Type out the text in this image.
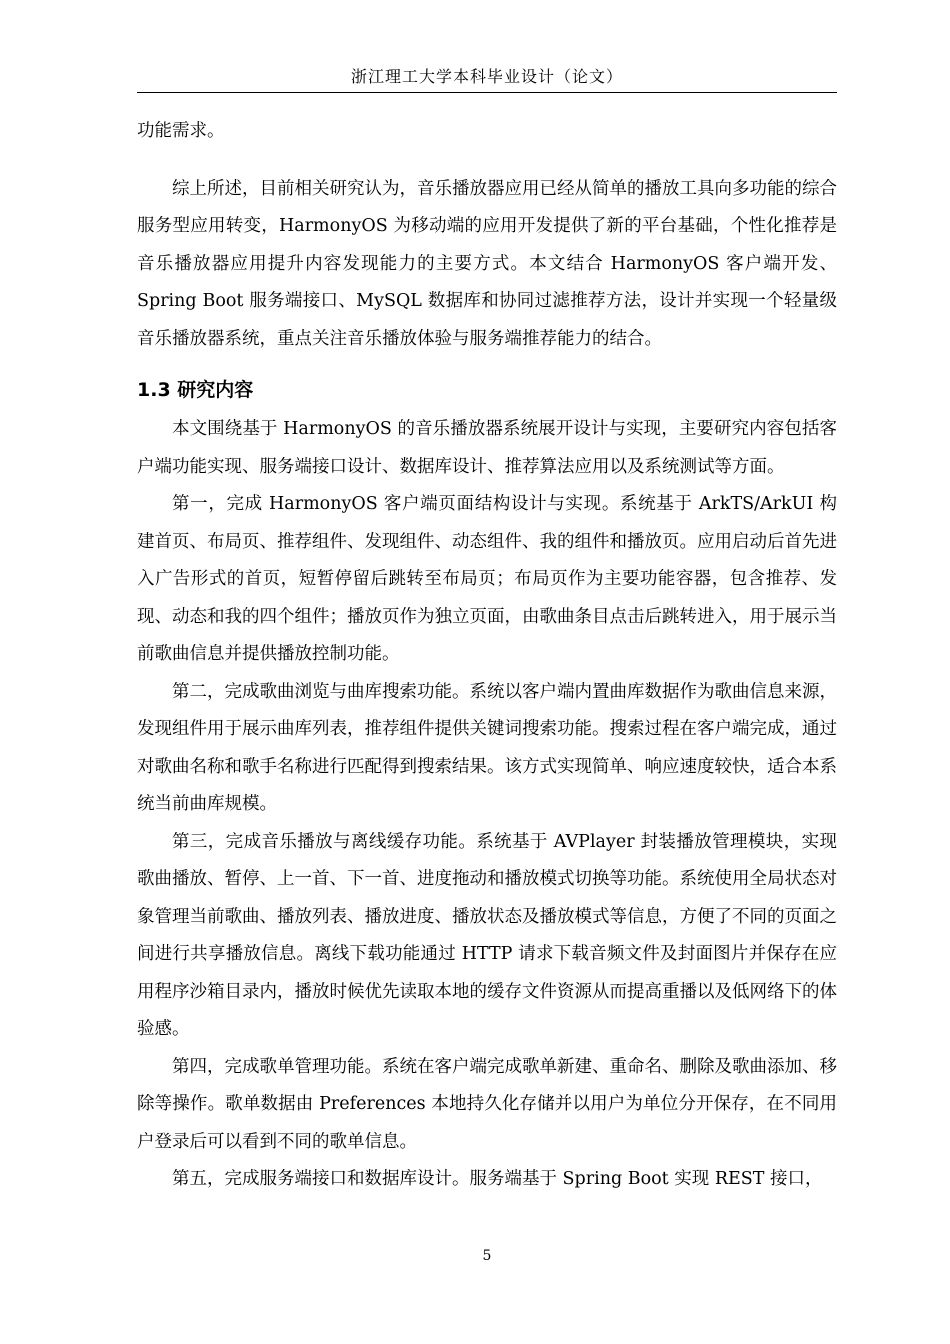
浙江理工大学本科毕业设计（论文）

功能需求。

综上所述，目前相关研究认为，音乐播放器应用已经从简单的播放工具向多功能的综合服务型应用转变，HarmonyOS 为移动端的应用开发提供了新的平台基础，个性化推荐是音乐播放器应用提升内容发现能力的主要方式。本文结合 HarmonyOS 客户端开发、Spring Boot 服务端接口、MySQL 数据库和协同过滤推荐方法，设计并实现一个轻量级音乐播放器系统，重点关注音乐播放体验与服务端推荐能力的结合。

1.3 研究内容

本文围绕基于 HarmonyOS 的音乐播放器系统展开设计与实现，主要研究内容包括客户端功能实现、服务端接口设计、数据库设计、推荐算法应用以及系统测试等方面。

第一，完成 HarmonyOS 客户端页面结构设计与实现。系统基于 ArkTS/ArkUI 构建首页、布局页、推荐组件、发现组件、动态组件、我的组件和播放页。应用启动后首先进入广告形式的首页，短暂停留后跳转至布局页；布局页作为主要功能容器，包含推荐、发现、动态和我的四个组件；播放页作为独立页面，由歌曲条目点击后跳转进入，用于展示当前歌曲信息并提供播放控制功能。

第二，完成歌曲浏览与曲库搜索功能。系统以客户端内置曲库数据作为歌曲信息来源，发现组件用于展示曲库列表，推荐组件提供关键词搜索功能。搜索过程在客户端完成，通过对歌曲名称和歌手名称进行匹配得到搜索结果。该方式实现简单、响应速度较快，适合本系统当前曲库规模。

第三，完成音乐播放与离线缓存功能。系统基于 AVPlayer 封装播放管理模块，实现歌曲播放、暂停、上一首、下一首、进度拖动和播放模式切换等功能。系统使用全局状态对象管理当前歌曲、播放列表、播放进度、播放状态及播放模式等信息，方便了不同的页面之间进行共享播放信息。离线下载功能通过 HTTP 请求下载音频文件及封面图片并保存在应用程序沙箱目录内，播放时候优先读取本地的缓存文件资源从而提高重播以及低网络下的体验感。

第四，完成歌单管理功能。系统在客户端完成歌单新建、重命名、删除及歌曲添加、移除等操作。歌单数据由 Preferences 本地持久化存储并以用户为单位分开保存，在不同用户登录后可以看到不同的歌单信息。

第五，完成服务端接口和数据库设计。服务端基于 Spring Boot 实现 REST 接口，

5
